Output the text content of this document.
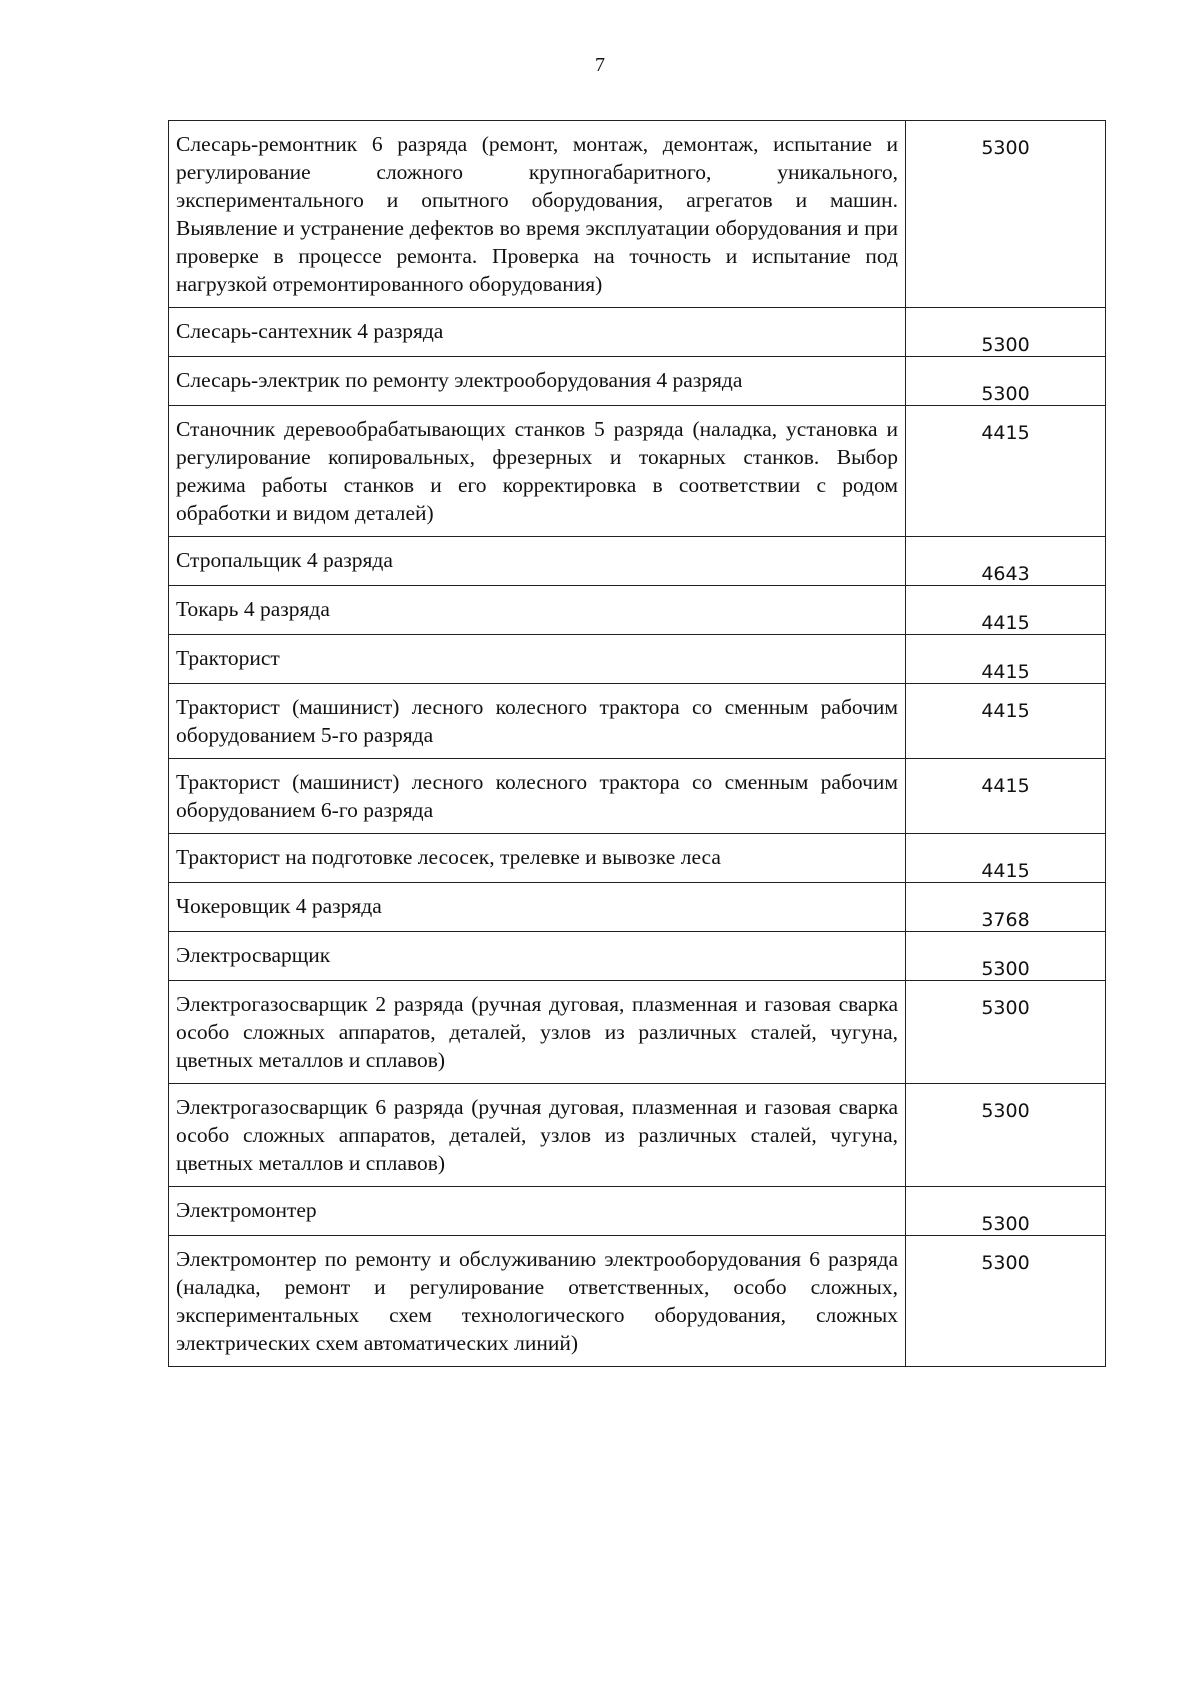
7
Слесарь-ремонтник 6 разряда (ремонт, монтаж, демонтаж, испытание и регулирование сложного крупногабаритного, уникального, экспериментального и опытного оборудования, агрегатов и машин. Выявление и устранение дефектов во время эксплуатации оборудования и при проверке в процессе ремонта. Проверка на точность и испытание под нагрузкой отремонтированного оборудования)	5300
Слесарь-сантехник 4 разряда	5300
Слесарь-электрик по ремонту электрооборудования 4 разряда	5300
Станочник деревообрабатывающих станков 5 разряда (наладка, установка и регулирование копировальных, фрезерных и токарных станков. Выбор режима работы станков и его корректировка в соответствии с родом обработки и видом деталей)	4415
Стропальщик 4 разряда	4643
Токарь 4 разряда	4415
Тракторист	4415
Тракторист (машинист) лесного колесного трактора со сменным рабочим оборудованием 5-го разряда	4415
Тракторист (машинист) лесного колесного трактора со сменным рабочим оборудованием 6-го разряда	4415
Тракторист на подготовке лесосек, трелевке и вывозке леса	4415
Чокеровщик 4 разряда	3768
Электросварщик	5300
Электрогазосварщик 2 разряда (ручная дуговая, плазменная и газовая сварка особо сложных аппаратов, деталей, узлов из различных сталей, чугуна, цветных металлов и сплавов)	5300
Электрогазосварщик 6 разряда (ручная дуговая, плазменная и газовая сварка особо сложных аппаратов, деталей, узлов из различных сталей, чугуна, цветных металлов и сплавов)	5300
Электромонтер	5300
Электромонтер по ремонту и обслуживанию электрооборудования 6 разряда (наладка, ремонт и регулирование ответственных, особо сложных, экспериментальных схем технологического оборудования, сложных электрических схем автоматических линий)	5300
